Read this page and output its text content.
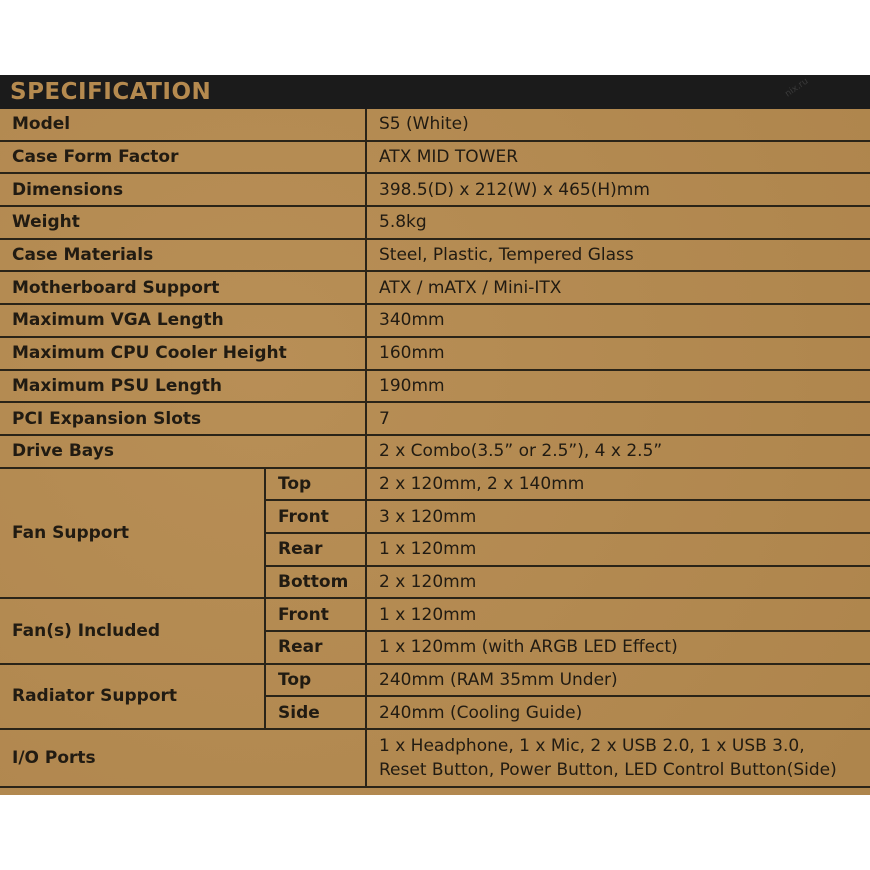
SPECIFICATION	nix.ru
Model		S5 (White)
Case Form Factor		ATX MID TOWER
Dimensions		398.5(D) x 212(W) x 465(H)mm
Weight		5.8kg
Case Materials		Steel, Plastic, Tempered Glass
Motherboard Support		ATX / mATX / Mini-ITX
Maximum VGA Length		340mm
Maximum CPU Cooler Height		160mm
Maximum PSU Length		190mm
PCI Expansion Slots		7
Drive Bays		2 x Combo(3.5” or 2.5”), 4 x 2.5”
Fan Support	Top	2 x 120mm, 2 x 140mm
	Front	3 x 120mm
	Rear	1 x 120mm
	Bottom	2 x 120mm
Fan(s) Included	Front	1 x 120mm
	Rear	1 x 120mm (with ARGB LED Effect)
Radiator Support	Top	240mm (RAM 35mm Under)
	Side	240mm (Cooling Guide)
I/O Ports		1 x Headphone, 1 x Mic, 2 x USB 2.0, 1 x USB 3.0,
Reset Button, Power Button, LED Control Button(Side)
